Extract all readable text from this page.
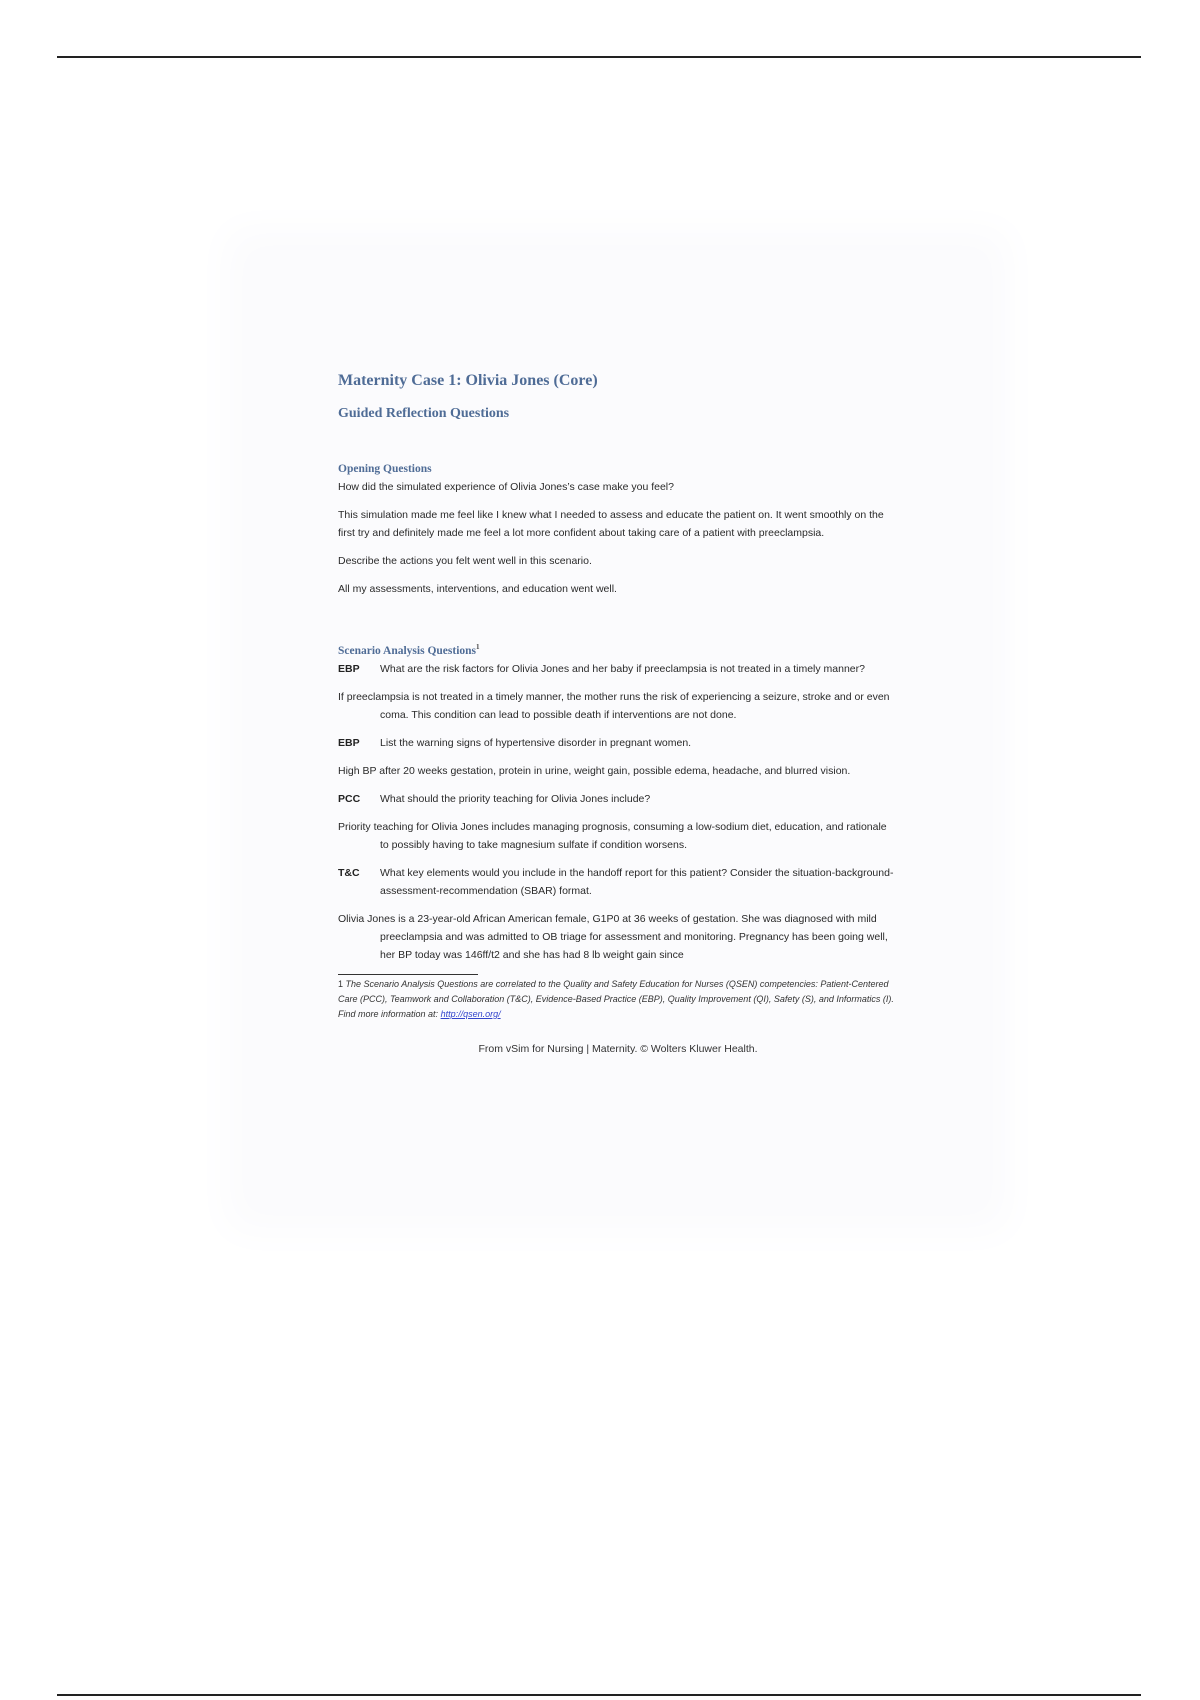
Maternity Case 1: Olivia Jones (Core)
Guided Reflection Questions
Opening Questions

How did the simulated experience of Olivia Jones’s case make you feel?

This simulation made me feel like I knew what I needed to assess and educate the patient on. It went smoothly on the first try and definitely made me feel a lot more confident about taking care of a patient with preeclampsia.

Describe the actions you felt went well in this scenario.

All my assessments, interventions, and education went well.

Scenario Analysis Questions$^1$
EBP	What are the risk factors for Olivia Jones and her baby if preeclampsia is not treated in a timely manner?

If preeclampsia is not treated in a timely manner, the mother runs the risk of experiencing a seizure, stroke and or even coma. This condition can lead to possible death if interventions are not done.

EBP	List the warning signs of hypertensive disorder in pregnant women.

High BP after 20 weeks gestation, protein in urine, weight gain, possible edema, headache, and blurred vision.

PCC	What should the priority teaching for Olivia Jones include?

Priority teaching for Olivia Jones includes managing prognosis, consuming a low-sodium diet, education, and rationale to possibly having to take magnesium sulfate if condition worsens.

T&C	What key elements would you include in the handoff report for this patient? Consider the situation-background-assessment-recommendation (SBAR) format.

Olivia Jones is a 23-year-old African American female, G1P0 at 36 weeks of gestation. She was diagnosed with mild preeclampsia and was admitted to OB triage for assessment and monitoring. Pregnancy has been going well, her BP today was 146ff/t2 and she has had 8 lb weight gain since

1 The Scenario Analysis Questions are correlated to the Quality and Safety Education for Nurses (QSEN) competencies: Patient-Centered Care (PCC), Teamwork and Collaboration (T&C), Evidence-Based Practice (EBP), Quality Improvement (QI), Safety (S), and Informatics (I). Find more information at: http://qsen.org/

From vSim for Nursing | Maternity. © Wolters Kluwer Health.
